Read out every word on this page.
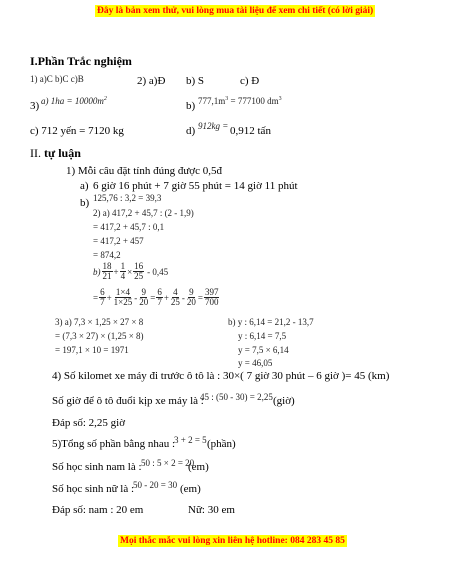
Đây là bản xem thử, vui lòng mua tài liệu để xem chi tiết (có lời giải)
I.Phần Trắc nghiệm
1) a)C b)C c)B	2) a)Đ b) S	c) Đ
3) a) $1ha = 10000m^2$
b) $777,1m^3 = 777100$ $dm^3$
c) 712 yến = 7120 kg	d) 912kg = 0,912 tấn
II. tự luận
1) Mỗi câu đặt tính đúng được 0,5đ
a) 6 giờ 16 phút + 7 giờ 55 phút = 14 giờ 11 phút
b) 125,76 : 3,2 = 39,3
2) a) 417,2 + 45,7 : (2 - 1,9)
= 417,2 + 45,7 : 0,1
= 417,2 + 457
= 874,2
$b) \frac{18}{21} + \frac{1}{4} \times \frac{16}{25} - 0,45$
= $\frac{6}{7} + \frac{1\times 4}{1\times 25} - \frac{9}{20} = \frac{6}{7} + \frac{4}{25} - \frac{9}{20} = \frac{397}{700}$
3) a) 7,3 × 1,25 × 27 × 8
= (7,3 × 27) × (1,25 × 8)
= 197,1 × 10 = 1971
b) y : 6,14 = 21,2 - 13,7
y : 6,14 = 7,5
y = 7,5 × 6,14
y = 46,05
4) Số kilomet xe máy đi trước ô tô là : 30×( 7 giờ 30 phút – 6 giờ )= 45 (km)
Số giờ để ô tô đuổi kịp xe máy là :
45 : (50 - 30) = 2,25 (giờ)
Đáp số: 2,25 giờ
5)Tổng số phần bằng nhau :
3 + 2 = 5 (phần)
Số học sinh nam là : 50 : 5 × 2 = 20
(em)
Số học sinh nữ là :
50 - 20 = 30 (em)
Đáp số: nam : 20 em	Nữ: 30 em
Mọi thắc mắc vui lòng xin liên hệ hotline: 084 283 45 85
